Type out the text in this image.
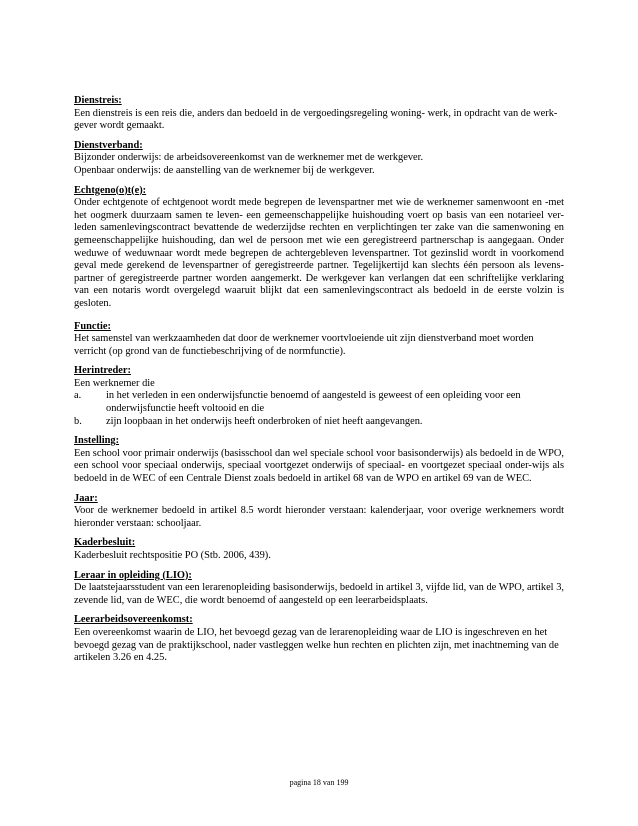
Dienstreis:

Een dienstreis is een reis die, anders dan bedoeld in de vergoedingsregeling woning- werk, in opdracht van de werk-gever wordt gemaakt.

Dienstverband:

Bijzonder onderwijs: de arbeidsovereenkomst van de werknemer met de werkgever.

Openbaar onderwijs: de aanstelling van de werknemer bij de werkgever.

Echtgeno(o)t(e):

Onder echtgenote of echtgenoot wordt mede begrepen de levenspartner met wie de werknemer samenwoont en -met het oogmerk duurzaam samen te leven- een gemeenschappelijke huishouding voert op basis van een notarieel ver-leden samenlevingscontract bevattende de wederzijdse rechten en verplichtingen ter zake van die samenwoning en gemeenschappelijke huishouding, dan wel de persoon met wie een geregistreerd partnerschap is aangegaan. Onder weduwe of weduwnaar wordt mede begrepen de achtergebleven levenspartner. Tot gezinslid wordt in voorkomend geval mede gerekend de levenspartner of geregistreerde partner. Tegelijkertijd kan slechts één persoon als levens-partner of geregistreerde partner worden aangemerkt. De werkgever kan verlangen dat een schriftelijke verklaring van een notaris wordt overgelegd waaruit blijkt dat een samenlevingscontract als bedoeld in de eerste volzin is gesloten.

Functie:

Het samenstel van werkzaamheden dat door de werknemer voortvloeiende uit zijn dienstverband moet worden verricht (op grond van de functiebeschrijving of de normfunctie).

Herintreder:

Een werknemer die

a.	in het verleden in een onderwijsfunctie benoemd of aangesteld is geweest of een opleiding voor een onderwijsfunctie heeft voltooid en die
b.	zijn loopbaan in het onderwijs heeft onderbroken of niet heeft aangevangen.

Instelling:

Een school voor primair onderwijs (basisschool dan wel speciale school voor basisonderwijs) als bedoeld in de WPO, een school voor speciaal onderwijs, speciaal voortgezet onderwijs of speciaal- en voortgezet speciaal onder-wijs als bedoeld in de WEC of een Centrale Dienst zoals bedoeld in artikel 68 van de WPO en artikel 69 van de WEC.

Jaar:

Voor de werknemer bedoeld in artikel 8.5 wordt hieronder verstaan: kalenderjaar, voor overige werknemers wordt hieronder verstaan: schooljaar.

Kaderbesluit:

Kaderbesluit rechtspositie PO (Stb. 2006, 439).

Leraar in opleiding (LIO):

De laatstejaarsstudent van een lerarenopleiding basisonderwijs, bedoeld in artikel 3, vijfde lid, van de WPO, artikel 3, zevende lid, van de WEC, die wordt benoemd of aangesteld op een leerarbeidsplaats.

Leerarbeidsovereenkomst:

Een overeenkomst waarin de LIO, het bevoegd gezag van de lerarenopleiding waar de LIO is ingeschreven en het bevoegd gezag van de praktijkschool, nader vastleggen welke hun rechten en plichten zijn, met inachtneming van de artikelen 3.26 en 4.25.

pagina 18 van 199
